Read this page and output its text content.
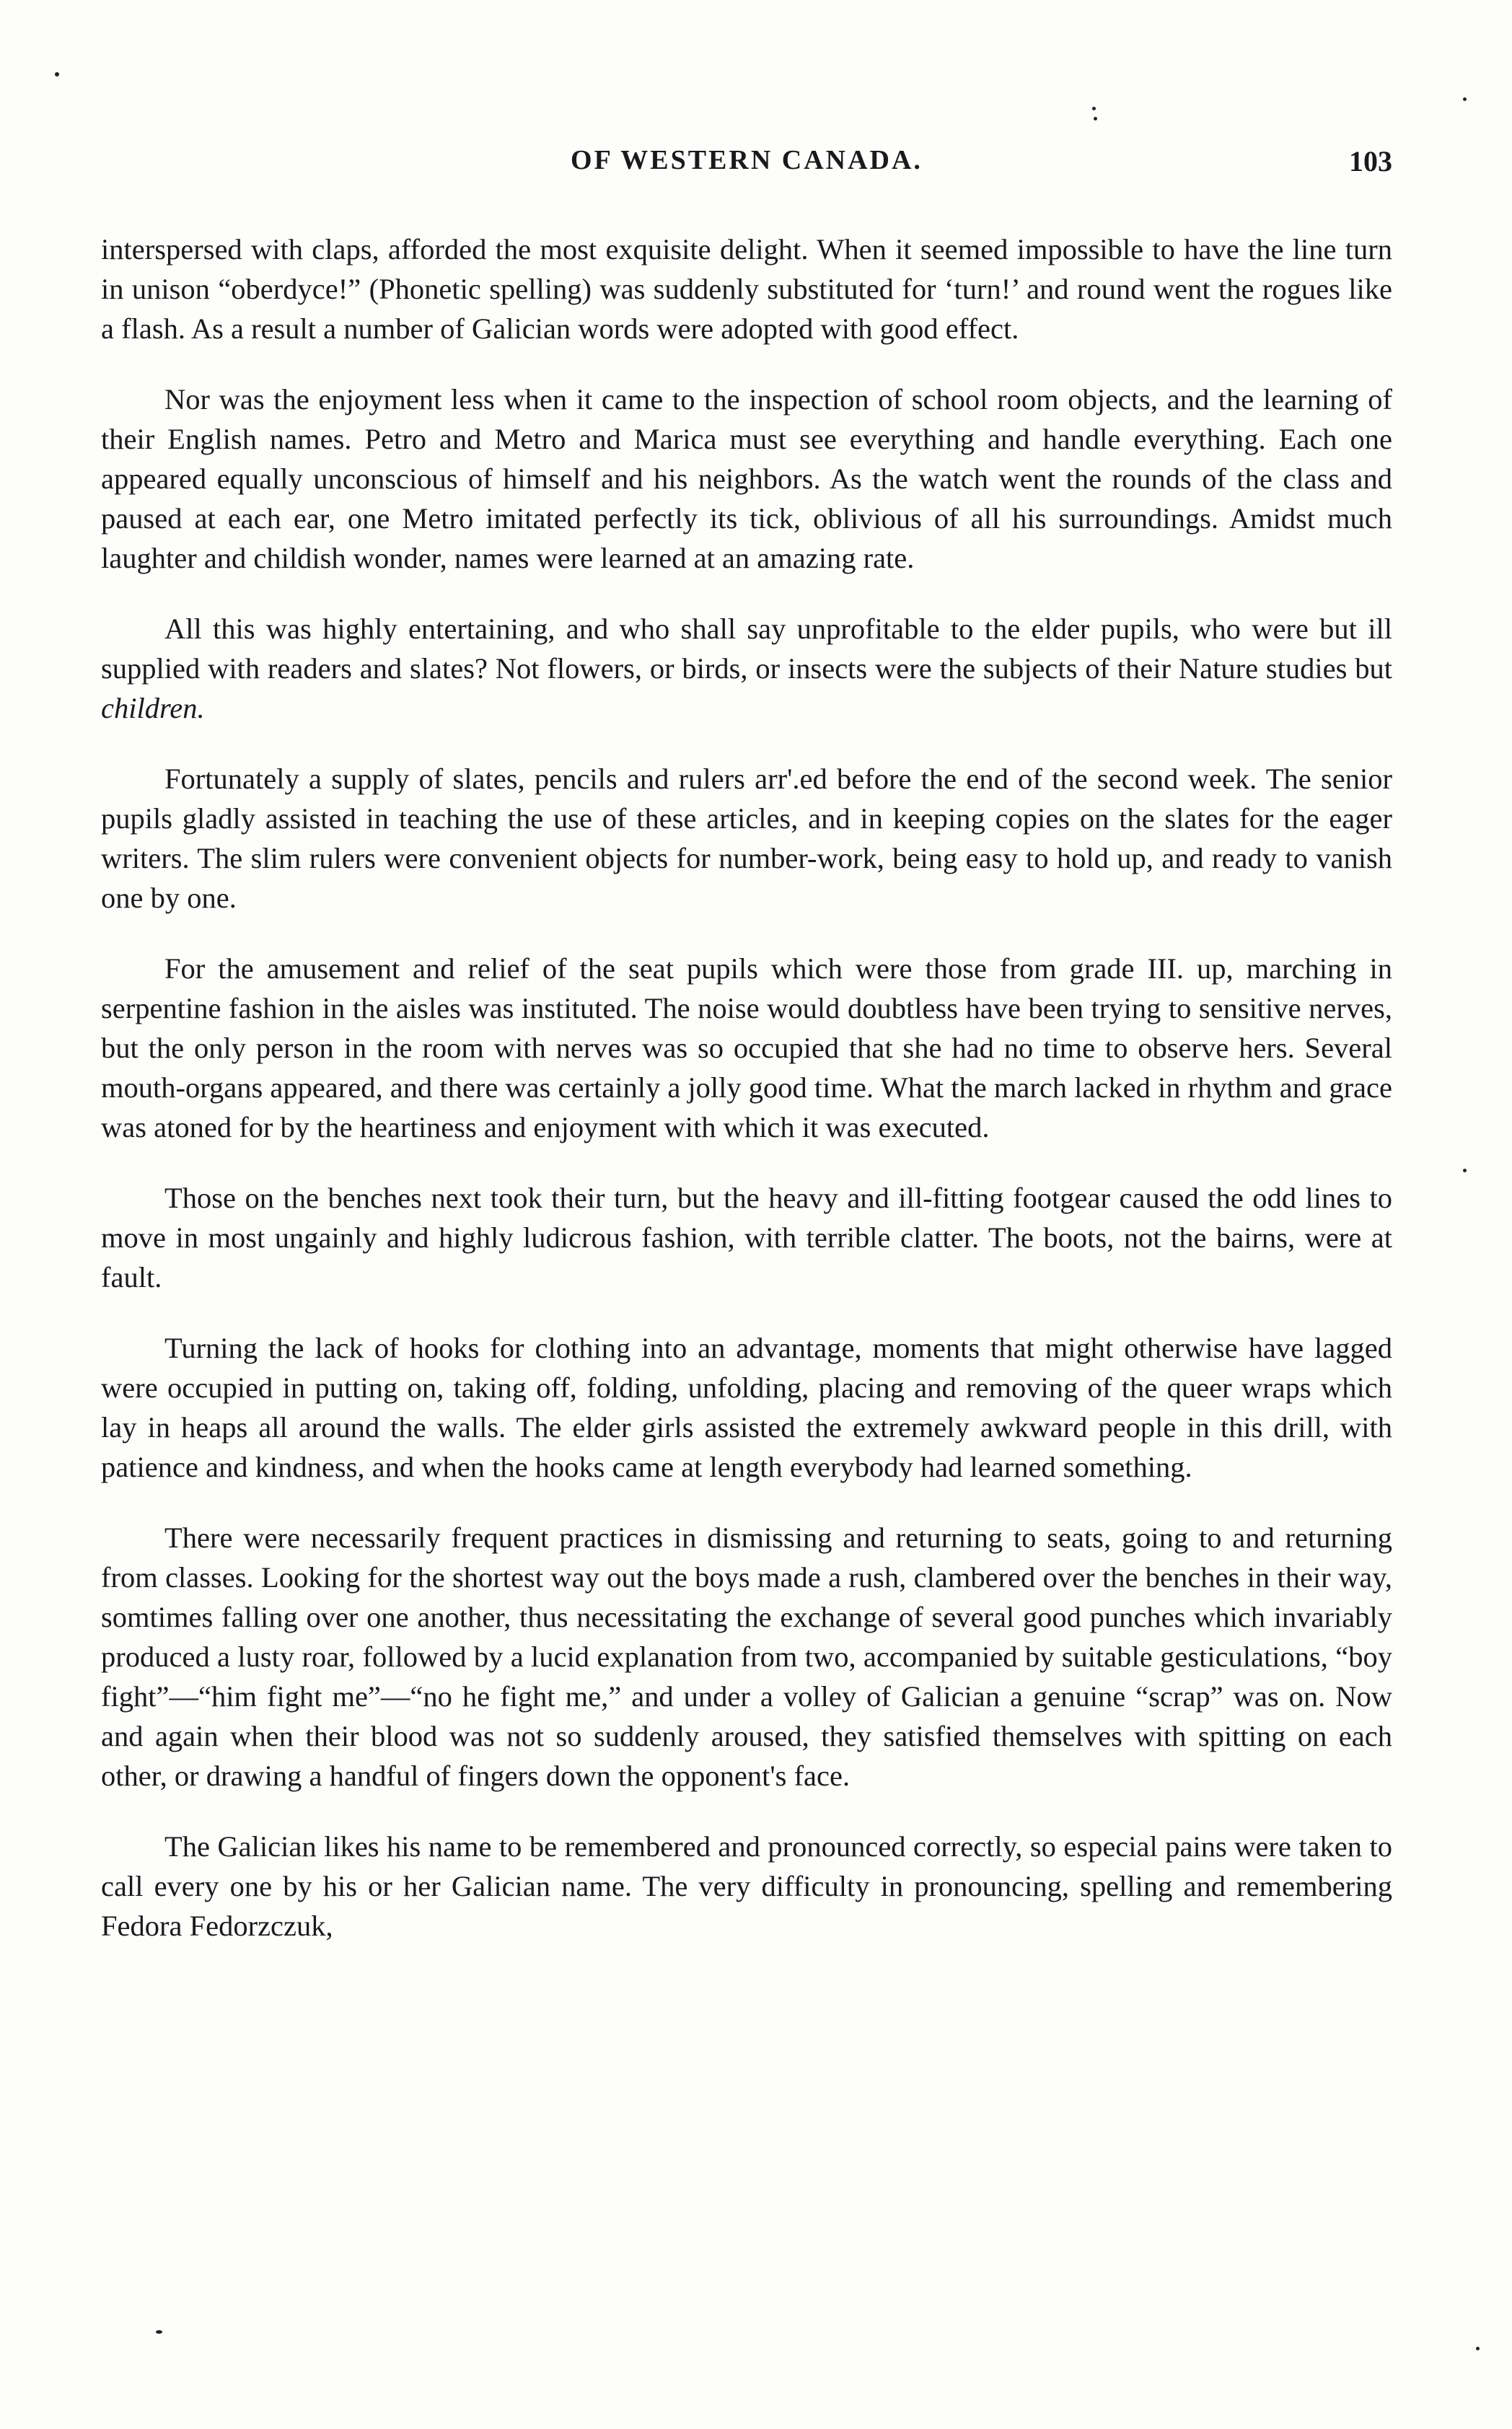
OF WESTERN CANADA.	103

interspersed with claps, afforded the most exquisite delight. When it seemed impossible to have the line turn in unison “oberdyce!” (Phonetic spelling) was suddenly substituted for ‘turn!’ and round went the rogues like a flash. As a result a number of Galician words were adopted with good effect.

Nor was the enjoyment less when it came to the inspection of school room objects, and the learning of their English names. Petro and Metro and Marica must see everything and handle everything. Each one appeared equally unconscious of himself and his neighbors. As the watch went the rounds of the class and paused at each ear, one Metro imitated perfectly its tick, oblivious of all his surroundings. Amidst much laughter and childish wonder, names were learned at an amazing rate.

All this was highly entertaining, and who shall say unprofitable to the elder pupils, who were but ill supplied with readers and slates? Not flowers, or birds, or insects were the subjects of their Nature studies but children.

Fortunately a supply of slates, pencils and rulers arr'.ed before the end of the second week. The senior pupils gladly assisted in teaching the use of these articles, and in keeping copies on the slates for the eager writers. The slim rulers were convenient objects for number-work, being easy to hold up, and ready to vanish one by one.

For the amusement and relief of the seat pupils which were those from grade III. up, marching in serpentine fashion in the aisles was instituted. The noise would doubtless have been trying to sensitive nerves, but the only person in the room with nerves was so occupied that she had no time to observe hers. Several mouth-organs appeared, and there was certainly a jolly good time. What the march lacked in rhythm and grace was atoned for by the heartiness and enjoyment with which it was executed.

Those on the benches next took their turn, but the heavy and ill-fitting footgear caused the odd lines to move in most ungainly and highly ludicrous fashion, with terrible clatter. The boots, not the bairns, were at fault.

Turning the lack of hooks for clothing into an advantage, moments that might otherwise have lagged were occupied in putting on, taking off, folding, unfolding, placing and removing of the queer wraps which lay in heaps all around the walls. The elder girls assisted the extremely awkward people in this drill, with patience and kindness, and when the hooks came at length everybody had learned something.

There were necessarily frequent practices in dismissing and returning to seats, going to and returning from classes. Looking for the shortest way out the boys made a rush, clambered over the benches in their way, somtimes falling over one another, thus necessitating the exchange of several good punches which invariably produced a lusty roar, followed by a lucid explanation from two, accompanied by suitable gesticulations, “boy fight”—“him fight me”—“no he fight me,” and under a volley of Galician a genuine “scrap” was on. Now and again when their blood was not so suddenly aroused, they satisfied themselves with spitting on each other, or drawing a handful of fingers down the opponent's face.

The Galician likes his name to be remembered and pronounced correctly, so especial pains were taken to call every one by his or her Galician name. The very difficulty in pronouncing, spelling and remembering Fedora Fedorzczuk,
